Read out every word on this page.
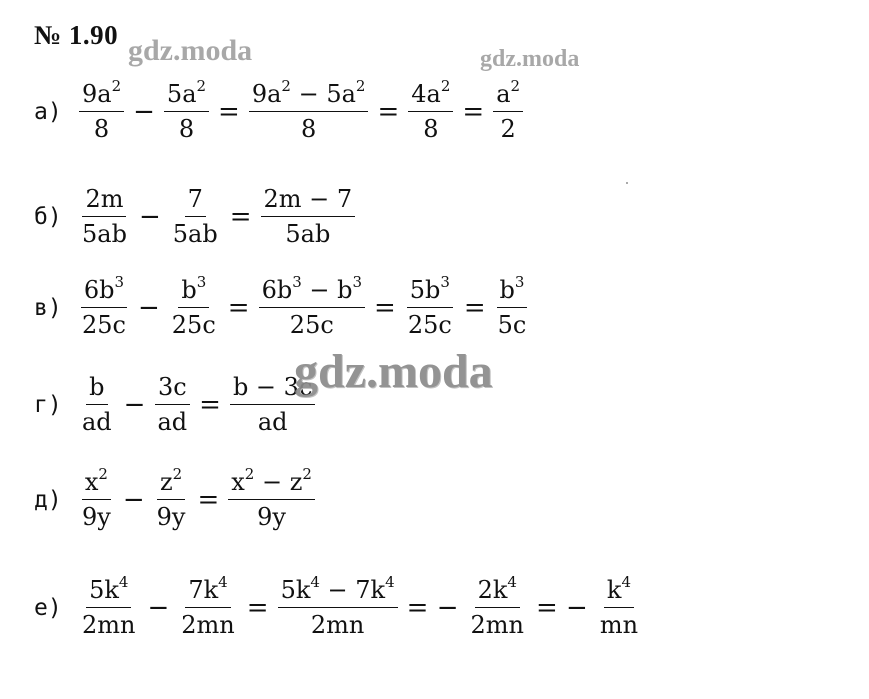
№ 1.90 gdz.moda	gdz.moda
$а) \frac{9a^2}{8} - \frac{5a^2}{8} = \frac{9a^2 - 5a^2}{8} = \frac{4a^2}{8} = \frac{a^2}{2}$
$б) \frac{2m}{5ab} - \frac{7}{5ab} = \frac{2m - 7}{5ab}$
$в) \frac{6b^3}{25c} - \frac{b^3}{25c} = \frac{6b^3 - b^3}{25c} = \frac{5b^3}{25c} = \frac{b^3}{5c}$
$г) \frac{b}{ad} - \frac{3c}{ad} = \frac{b - 3c}{ad}$
$д) \frac{x^2}{9y} - \frac{z^2}{9y} = \frac{x^2 - z^2}{9y}$
$е) \frac{5k^4}{2mn} - \frac{7k^4}{2mn} = \frac{5k^4 - 7k^4}{2mn}$ = − $\frac{2k^4}{2mn}$ = − $\frac{k^4}{mn}$
gdz.moda
